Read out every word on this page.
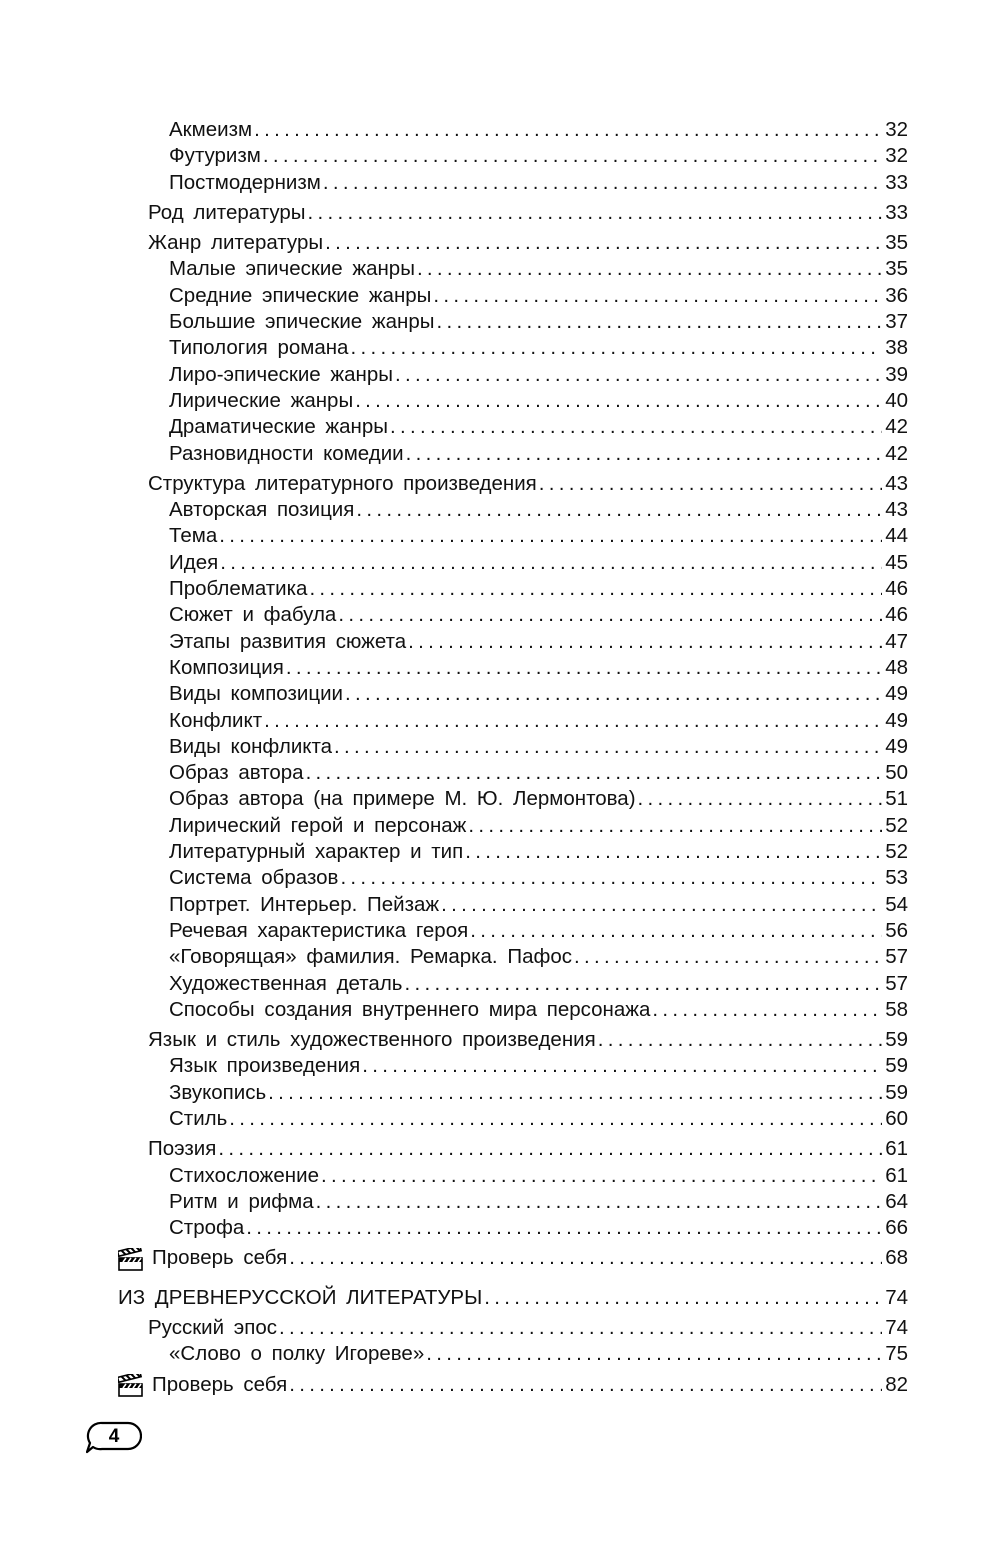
Акмеизм .....	32
Футуризм .....	32
Постмодернизм .....	33
Род литературы .....	33
Жанр литературы .....	35
Малые эпические жанры .....	35
Средние эпические жанры .....	36
Большие эпические жанры .....	37
Типология романа .....	38
Лиро-эпические жанры .....	39
Лирические жанры .....	40
Драматические жанры .....	42
Разновидности комедии .....	42
Структура литературного произведения .....	43
Авторская позиция .....	43
Тема .....	44
Идея .....	45
Проблематика .....	46
Сюжет и фабула .....	46
Этапы развития сюжета .....	47
Композиция .....	48
Виды композиции .....	49
Конфликт .....	49
Виды конфликта .....	49
Образ автора .....	50
Образ автора (на примере М. Ю. Лермонтова) .....	51
Лирический герой и персонаж .....	52
Литературный характер и тип .....	52
Система образов .....	53
Портрет. Интерьер. Пейзаж .....	54
Речевая характеристика героя .....	56
«Говорящая» фамилия. Ремарка. Пафос .....	57
Художественная деталь .....	57
Способы создания внутреннего мира персонажа .....	58
Язык и стиль художественного произведения .....	59
Язык произведения .....	59
Звукопись .....	59
Стиль .....	60
Поэзия .....	61
Стихосложение .....	61
Ритм и рифма .....	64
Строфа .....	66
Проверь себя .....	68
ИЗ ДРЕВНЕРУССКОЙ ЛИТЕРАТУРЫ .....	74
Русский эпос .....	74
«Слово о полку Игореве» .....	75
Проверь себя .....	82
4
